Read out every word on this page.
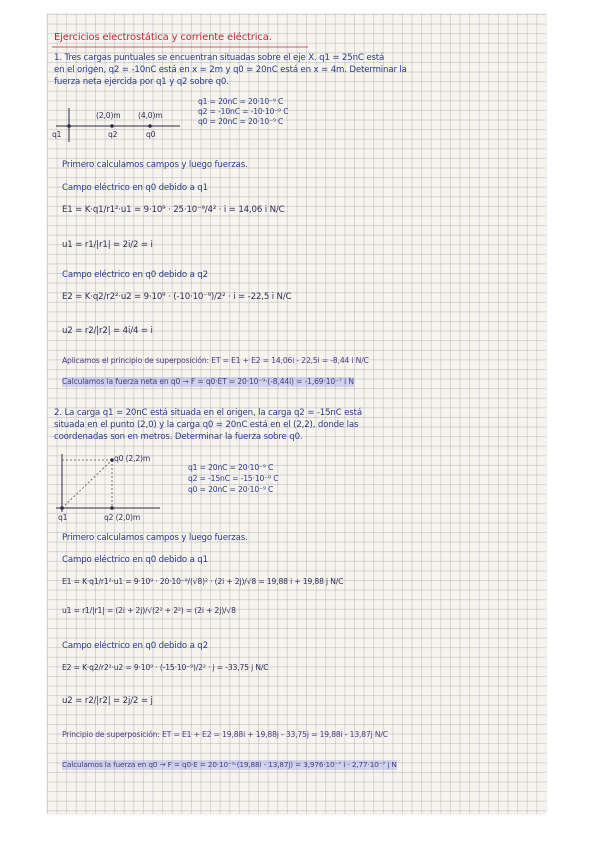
Ejercicios electrostática y corriente eléctrica.
1. Tres cargas puntuales se encuentran situadas sobre el eje X. q1 = 25nC está
en el origen, q2 = -10nC está en x = 2m y q0 = 20nC está en x = 4m. Determinar la
fuerza neta ejercida por q1 y q2 sobre q0.
(2,0)m (4,0)m
q1	q2	q0
q1 = 20nC = 20·10⁻⁹ C
q2 = -10nC = -10·10⁻⁹ C
q0 = 20nC = 20·10⁻⁹ C
Primero calculamos campos y luego fuerzas.
Campo eléctrico en q0 debido a q1
E1 = K·q1/r1²·u1 = 9·10⁹ · 25·10⁻⁹/4² · i = 14,06 i N/C
u1 = r1/|r1| = 2i/2 = i
Campo eléctrico en q0 debido a q2
E2 = K·q2/r2²·u2 = 9·10⁹ · (-10·10⁻⁹)/2² · i = -22,5 i N/C
u2 = r2/|r2| = 4i/4 = i
Aplicamos el principio de superposición: ET = E1 + E2 = 14,06i - 22,5i = -8,44 i N/C
Calculamos la fuerza neta en q0 → F = q0·ET = 20·10⁻⁹·(-8,44i) = -1,69·10⁻⁷ i N
2. La carga q1 = 20nC está situada en el origen, la carga q2 = -15nC está
situada en el punto (2,0) y la carga q0 = 20nC está en el (2,2), donde las
coordenadas son en metros. Determinar la fuerza sobre q0.
q0 (2,2)m
q1	q2 (2,0)m
q1 = 20nC = 20·10⁻⁹ C
q2 = -15nC = -15·10⁻⁹ C
q0 = 20nC = 20·10⁻⁹ C
Primero calculamos campos y luego fuerzas.
Campo eléctrico en q0 debido a q1
E1 = K·q1/r1²·u1 = 9·10⁹ · 20·10⁻⁹/(√8)² · (2i + 2j)/√8 = 19,88 i + 19,88 j N/C
u1 = r1/|r1| = (2i + 2j)/√(2² + 2²) = (2i + 2j)/√8
Campo eléctrico en q0 debido a q2
E2 = K·q2/r2²·u2 = 9·10⁹ · (-15·10⁻⁹)/2² · j = -33,75 j N/C
u2 = r2/|r2| = 2j/2 = j
Principio de superposición: ET = E1 + E2 = 19,88i + 19,88j - 33,75j = 19,88i - 13,87j N/C
Calculamos la fuerza en q0 → F = q0·E = 20·10⁻⁹·(19,88i - 13,87j) = 3,976·10⁻⁷ i - 2,77·10⁻⁷ j N
